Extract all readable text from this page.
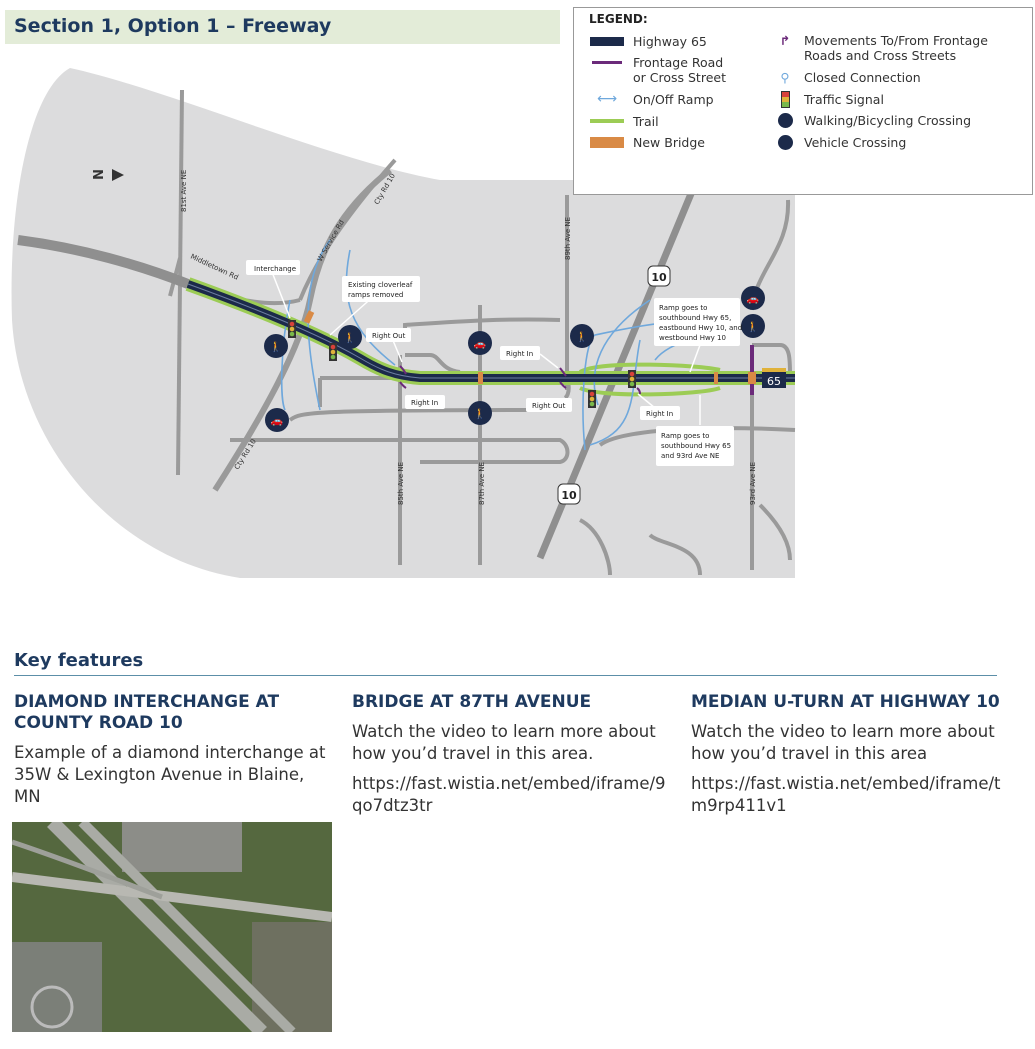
🚶
🚶
🚗
🚗
🚶
🚶
🚗
🚶
10
10
65
N	81st Ave NE
Middletown Rd
W Service Rd
Cty Rd 10
Cty Rd 10
85th Ave NE	87th Ave NE
89th Ave NE
93rd Ave NE
Interchange
Existing cloverleaf
ramps removed
Right Out
Right In
Right In
Right Out
Right In
Ramp goes to
southbound Hwy 65,
eastbound Hwy 10, and
westbound Hwy 10
Ramp goes to
southbound Hwy 65
and 93rd Ave NE
Section 1, Option 1 – Freeway	LEGEND:
Highway 65
Frontage Road or Cross Street
⟷	On/Off Ramp
Trail
New Bridge
↱	Movements To/From Frontage Roads and Cross Streets
⚲	Closed Connection
Traffic Signal
Walking/Bicycling Crossing
Vehicle Crossing
Key features
DIAMOND INTERCHANGE AT COUNTY ROAD 10

Example of a diamond interchange at 35W & Lexington Avenue in Blaine, MN

BRIDGE AT 87TH AVENUE

Watch the video to learn more about how you’d travel in this area.

https://fast.wistia.net/embed/iframe/9qo7dtz3tr

MEDIAN U-TURN AT HIGHWAY 10

Watch the video to learn more about how you’d travel in this area

https://fast.wistia.net/embed/iframe/tm9rp411v1
